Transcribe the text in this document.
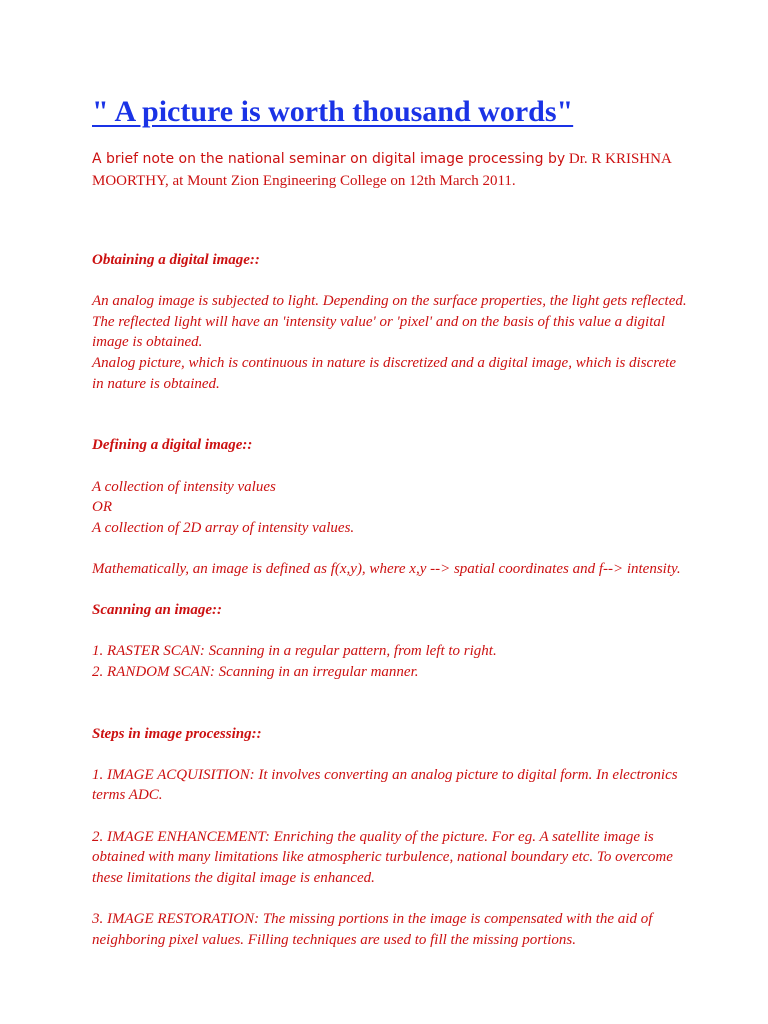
" A picture is worth thousand words"

A brief note on the national seminar on digital image processing by Dr. R KRISHNA MOORTHY, at Mount Zion Engineering College on 12th March 2011.

Obtaining a digital image::

An analog image is subjected to light. Depending on the surface properties, the light gets reflected. The reflected light will have an 'intensity value' or 'pixel' and on the basis of this value a digital image is obtained.

Analog picture, which is continuous in nature is discretized and a digital image, which is discrete in nature is obtained.

Defining a digital image::

A collection of intensity values

OR

A collection of 2D array of intensity values.

Mathematically, an image is defined as f(x,y), where x,y --> spatial coordinates and f--> intensity.

Scanning an image::

1. RASTER SCAN: Scanning in a regular pattern, from left to right.

2. RANDOM SCAN: Scanning in an irregular manner.

Steps in image processing::

1. IMAGE ACQUISITION: It involves converting an analog picture to digital form. In electronics terms ADC.

2. IMAGE ENHANCEMENT: Enriching the quality of the picture. For eg. A satellite image is obtained with many limitations like atmospheric turbulence, national boundary etc. To overcome these limitations the digital image is enhanced.

3. IMAGE RESTORATION: The missing portions in the image is compensated with the aid of neighboring pixel values. Filling techniques are used to fill the missing portions.
